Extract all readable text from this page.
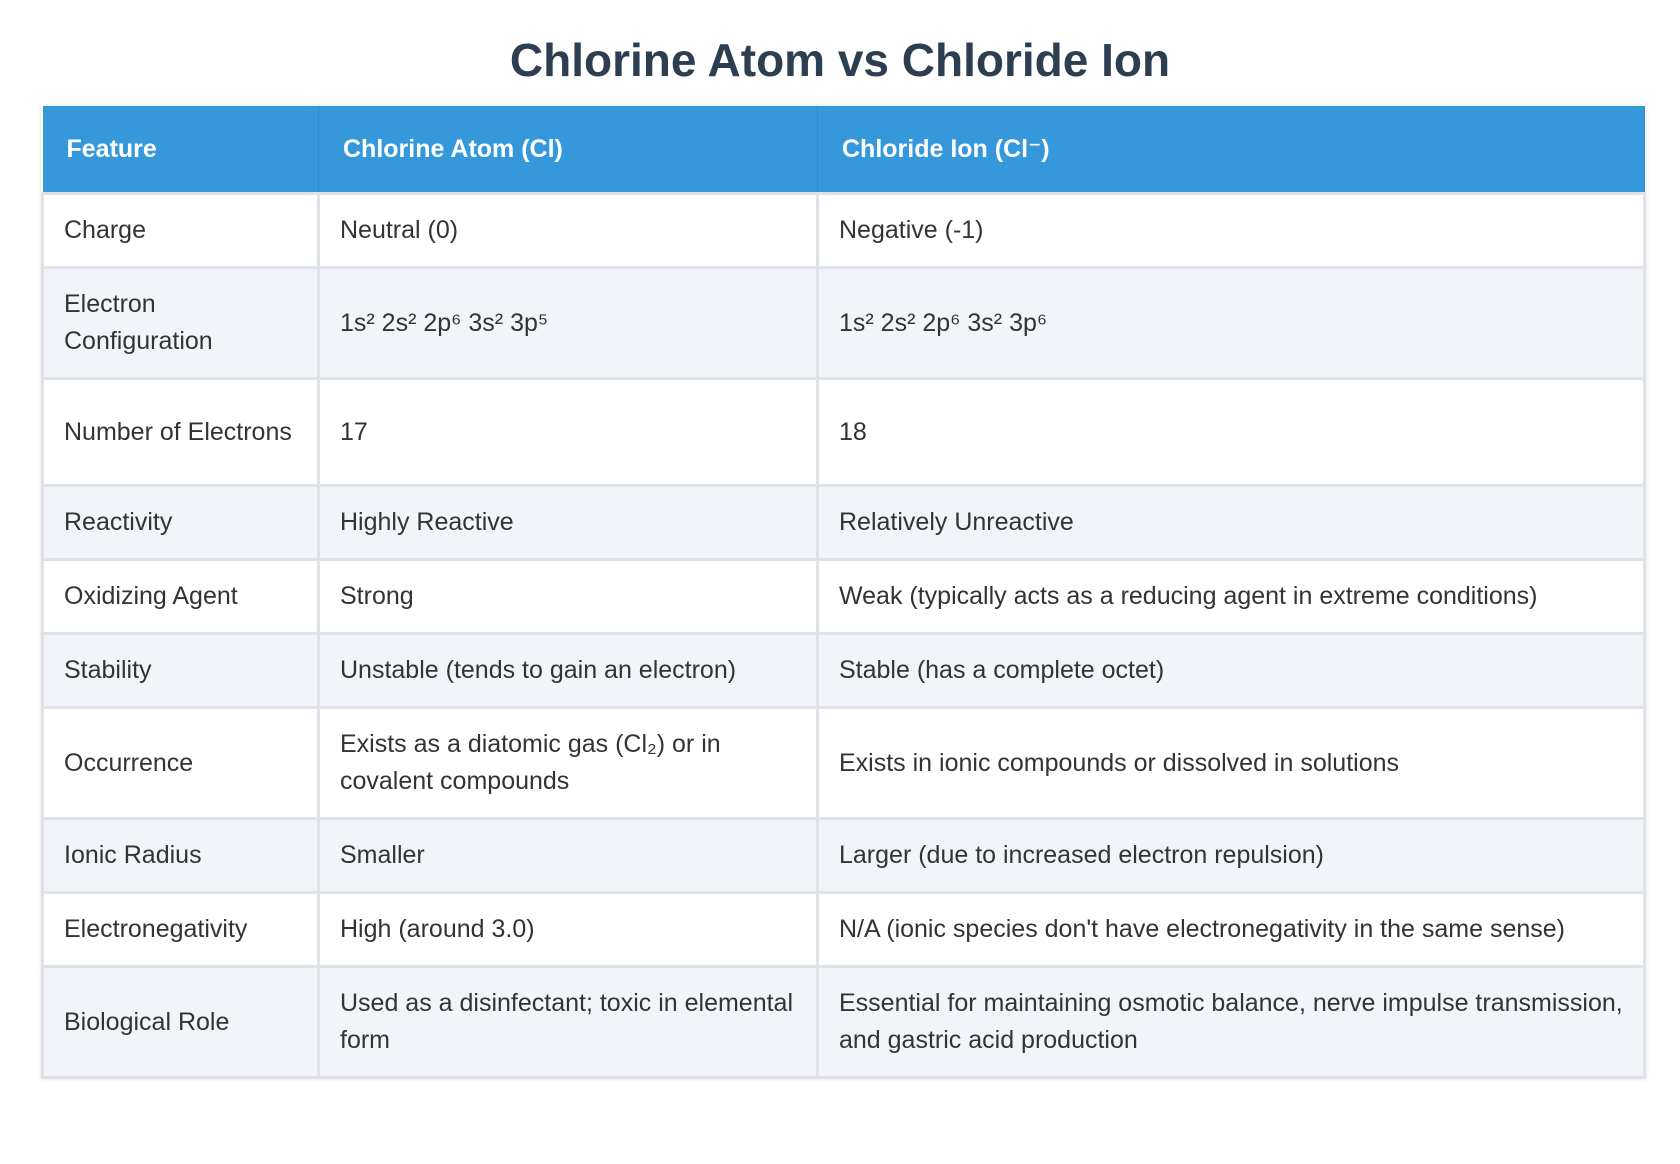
Chlorine Atom vs Chloride Ion
Feature	Chlorine Atom (Cl)	Chloride Ion (Cl⁻)
Charge	Neutral (0)	Negative (-1)
Electron Configuration	1s² 2s² 2p⁶ 3s² 3p⁵	1s² 2s² 2p⁶ 3s² 3p⁶
Number of Electrons	17	18
Reactivity	Highly Reactive	Relatively Unreactive
Oxidizing Agent	Strong	Weak (typically acts as a reducing agent in extreme conditions)
Stability	Unstable (tends to gain an electron)	Stable (has a complete octet)
Occurrence	Exists as a diatomic gas (Cl₂) or in covalent compounds	Exists in ionic compounds or dissolved in solutions
Ionic Radius	Smaller	Larger (due to increased electron repulsion)
Electronegativity	High (around 3.0)	N/A (ionic species don't have electronegativity in the same sense)
Biological Role	Used as a disinfectant; toxic in elemental form	Essential for maintaining osmotic balance, nerve impulse transmission, and gastric acid production
